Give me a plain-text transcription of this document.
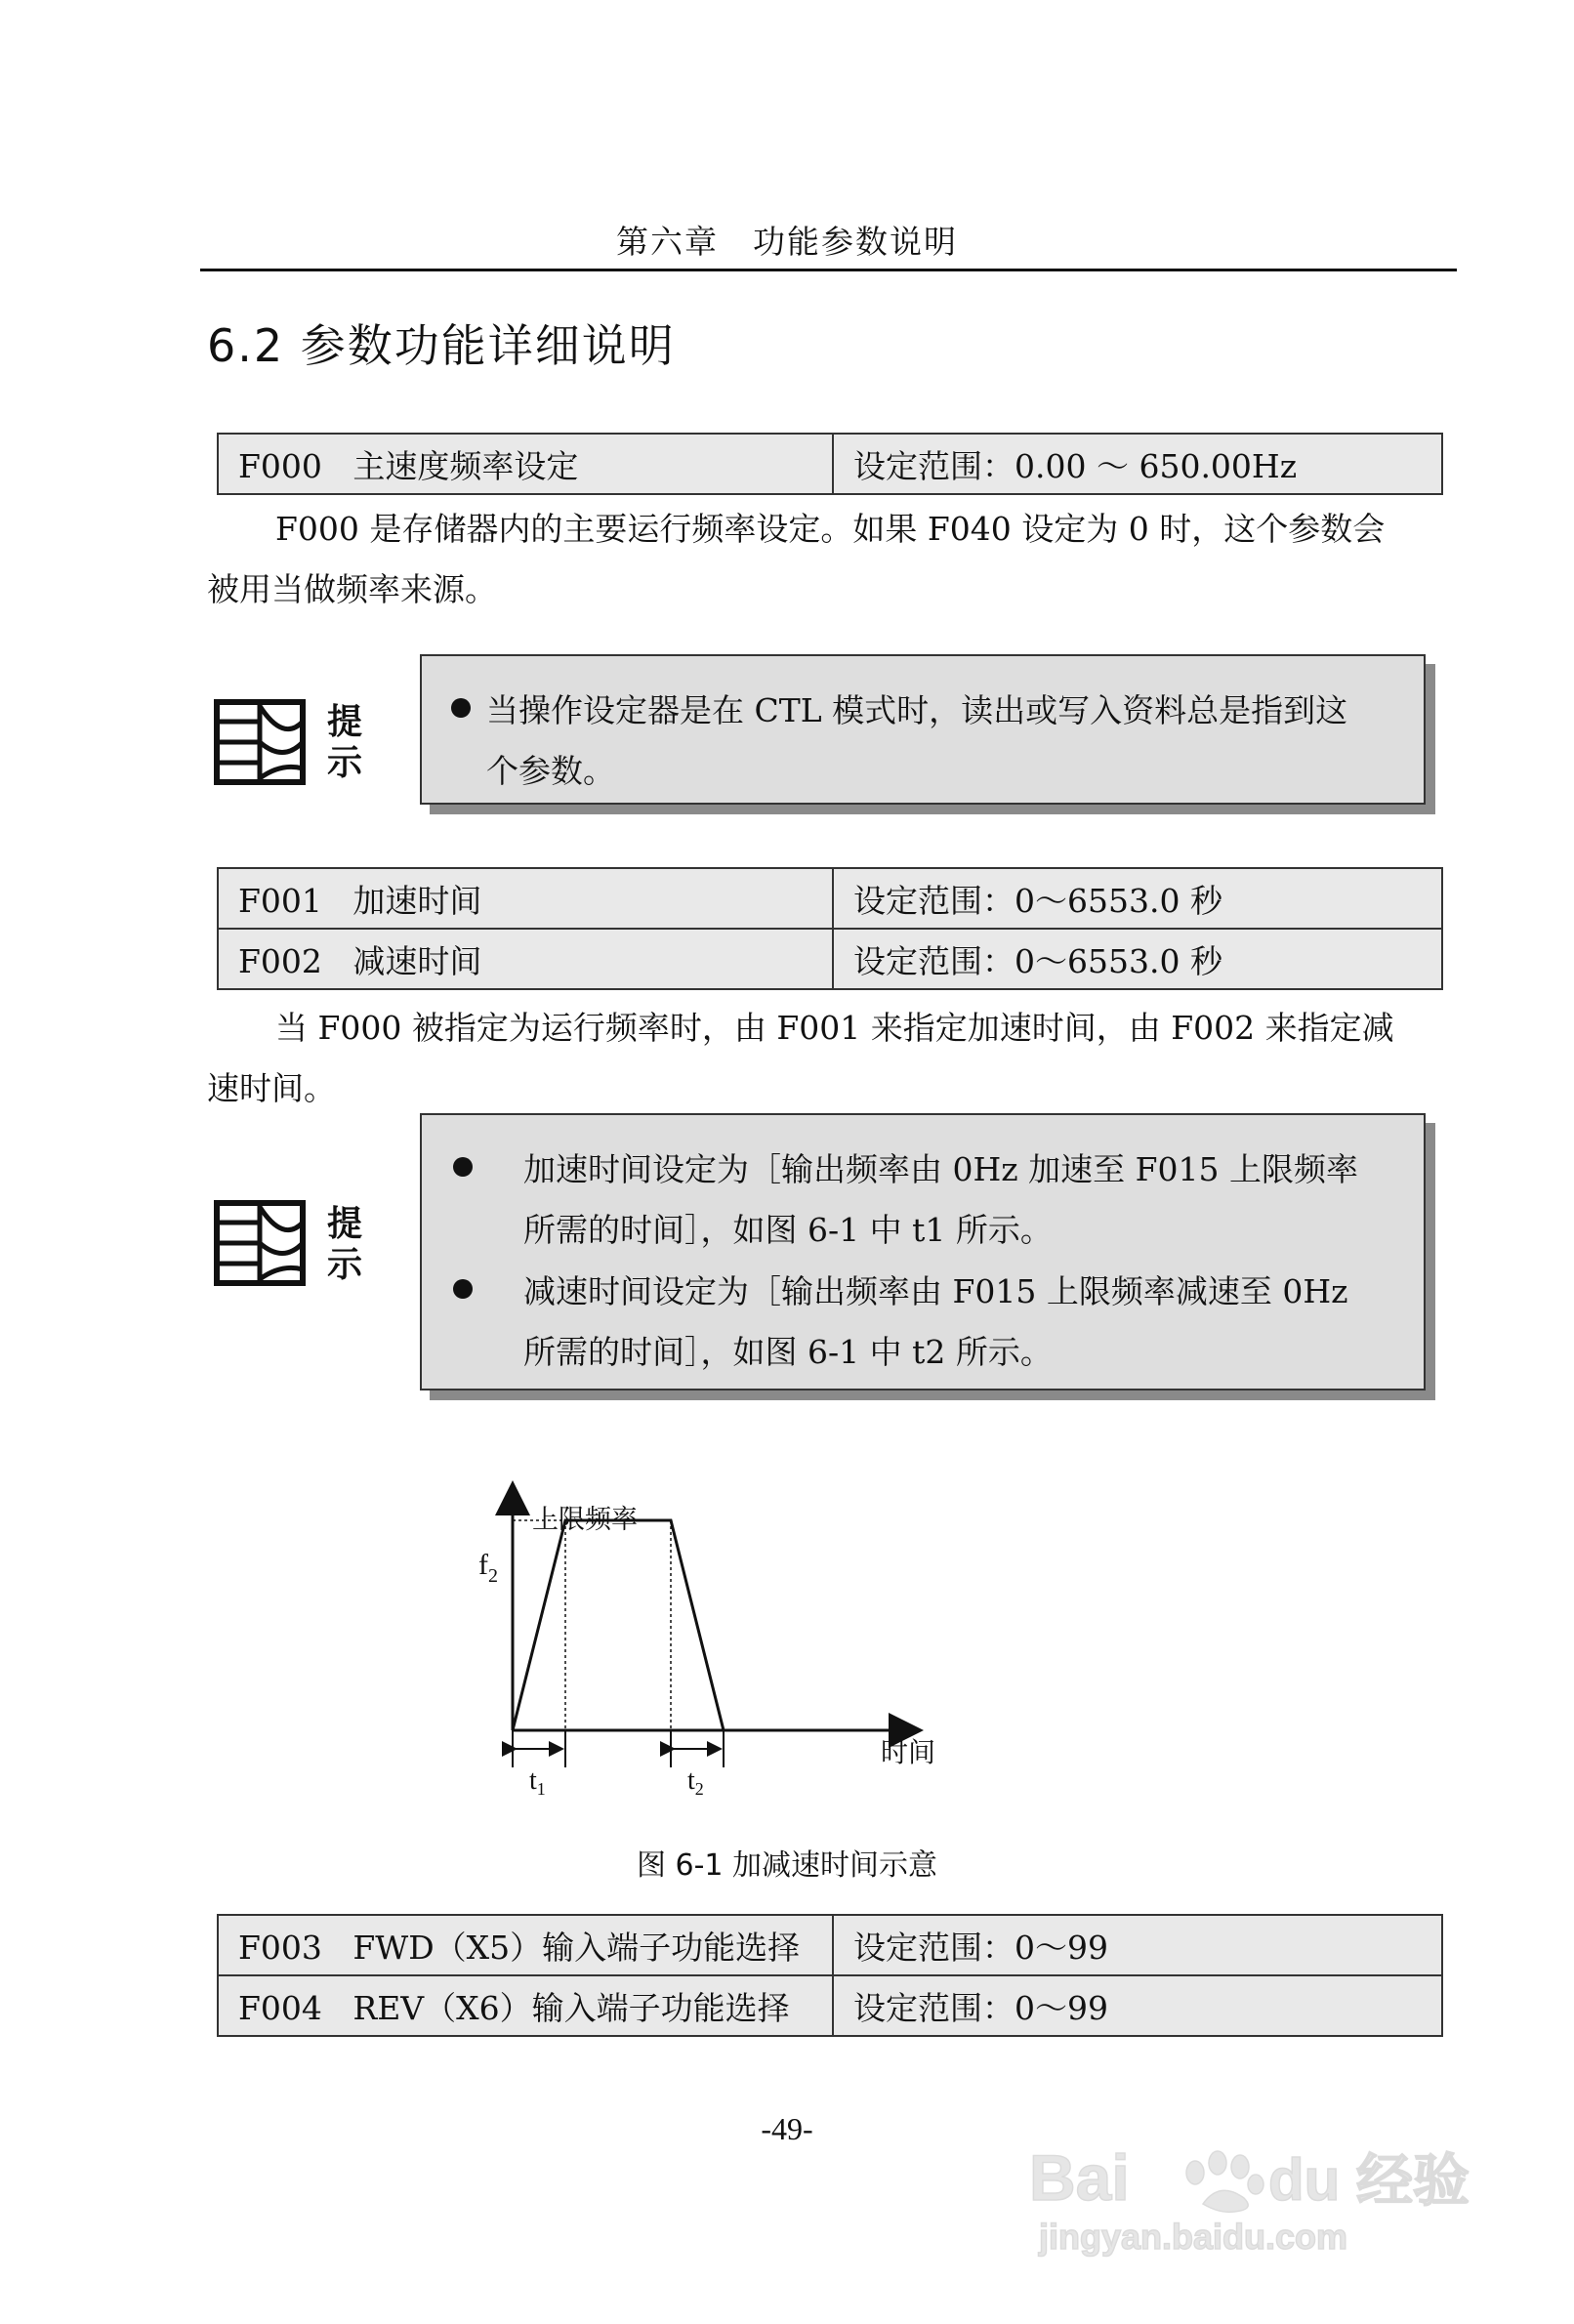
第六章　功能参数说明
6.2 参数功能详细说明
F000 主速度频率设定	设定范围：0.00 ～ 650.00Hz
F000 是存储器内的主要运行频率设定。如果 F040 设定为 0 时，这个参数会
被用当做频率来源。
提
示
当操作设定器是在 CTL 模式时，读出或写入资料总是指到这
个参数。
F001 加速时间	设定范围：0～6553.0 秒
F002 减速时间	设定范围：0～6553.0 秒
当 F000 被指定为运行频率时，由 F001 来指定加速时间，由 F002 来指定减
速时间。
提
示
加速时间设定为［输出频率由 0Hz 加速至 F015 上限频率
所需的时间］，如图 6-1 中 t1 所示。
减速时间设定为［输出频率由 F015 上限频率减速至 0Hz
所需的时间］，如图 6-1 中 t2 所示。
上限频率
$f_2$
时间
$t_1$	$t_2$
图 6-1 加减速时间示意
F003 FWD（X5）输入端子功能选择	设定范围：0～99
F004 REV（X6）输入端子功能选择	设定范围：0～99
-49-
Bai du 经验
jingyan.baidu.com
